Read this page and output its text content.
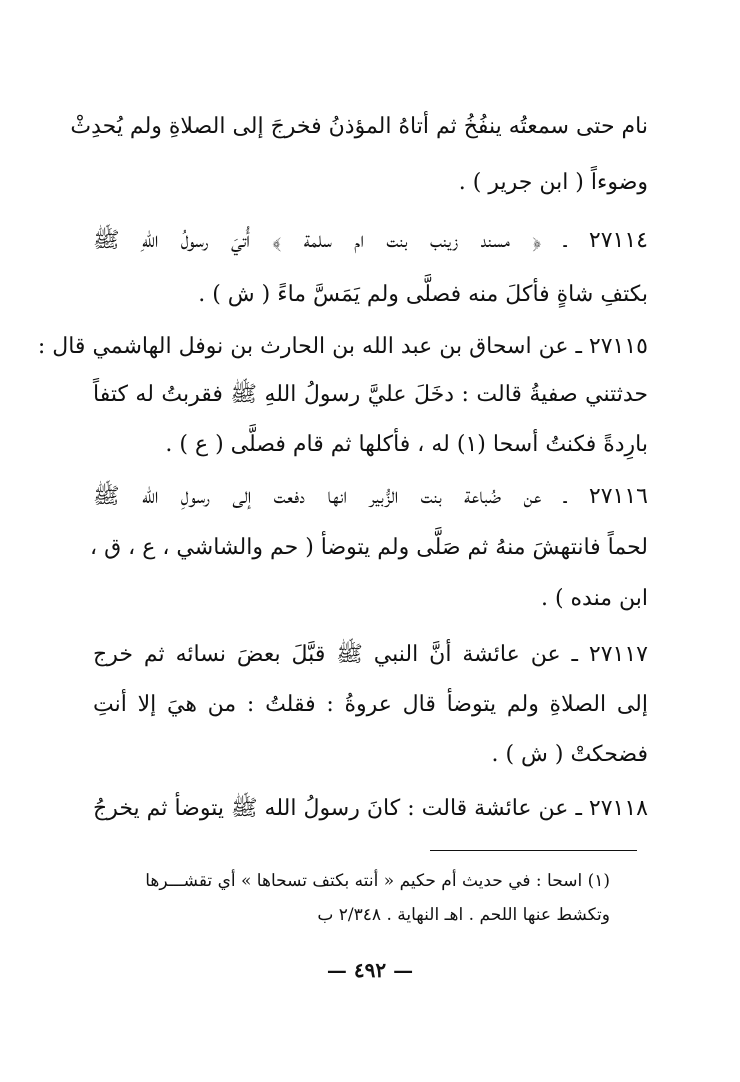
نام حتى سمعتُه ينفُخُ ثم أتاهُ المؤذنُ فخرجَ إلى الصلاةِ ولم يُحدِثْ
وضوءاً ( ابن جرير ) .
٢٧١١٤ ـ ﴿ مسند زينب بنت ام سلمة ﴾ أُتيَ رسولُ اللهِ ﷺ
بكتفِ شاةٍ فأكلَ منه فصلَّى ولم يَمَسَّ ماءً ( ش ) .
٢٧١١٥ ـ عن اسحاق بن عبد الله بن الحارث بن نوفل الهاشمي قال :
حدثتني صفيةُ قالت : دخَلَ عليَّ رسولُ اللهِ ﷺ فقربتُ له كتفاً
بارِدةً فكنتُ أسحا (١) له ، فأكلها ثم قام فصلَّى ( ع ) .
٢٧١١٦ ـ عن ضُباعة بنت الزُّبير انها دفعت إلى رسولِ الله ﷺ
لحماً فانتهشَ منهُ ثم صَلَّى ولم يتوضأ ( حم والشاشي ، ع ، ق ،
ابن منده ) .
٢٧١١٧ ـ عن عائشة أنَّ النبي ﷺ قبَّلَ بعضَ نسائه ثم خرج
إلى الصلاةِ ولم يتوضأ قال عروةُ : فقلتُ : من هيَ إلا أنتِ
فضحكتْ ( ش ) .
٢٧١١٨ ـ عن عائشة قالت : كانَ رسولُ الله ﷺ يتوضأ ثم يخرجُ
(١) اسحا : في حديث أم حكيم « أنته بكتف تسحاها » أي تقشـــرها
وتكشط عنها اللحم . اهـ النهاية . ٢/٣٤٨ ب
— ٤٩٢ —
